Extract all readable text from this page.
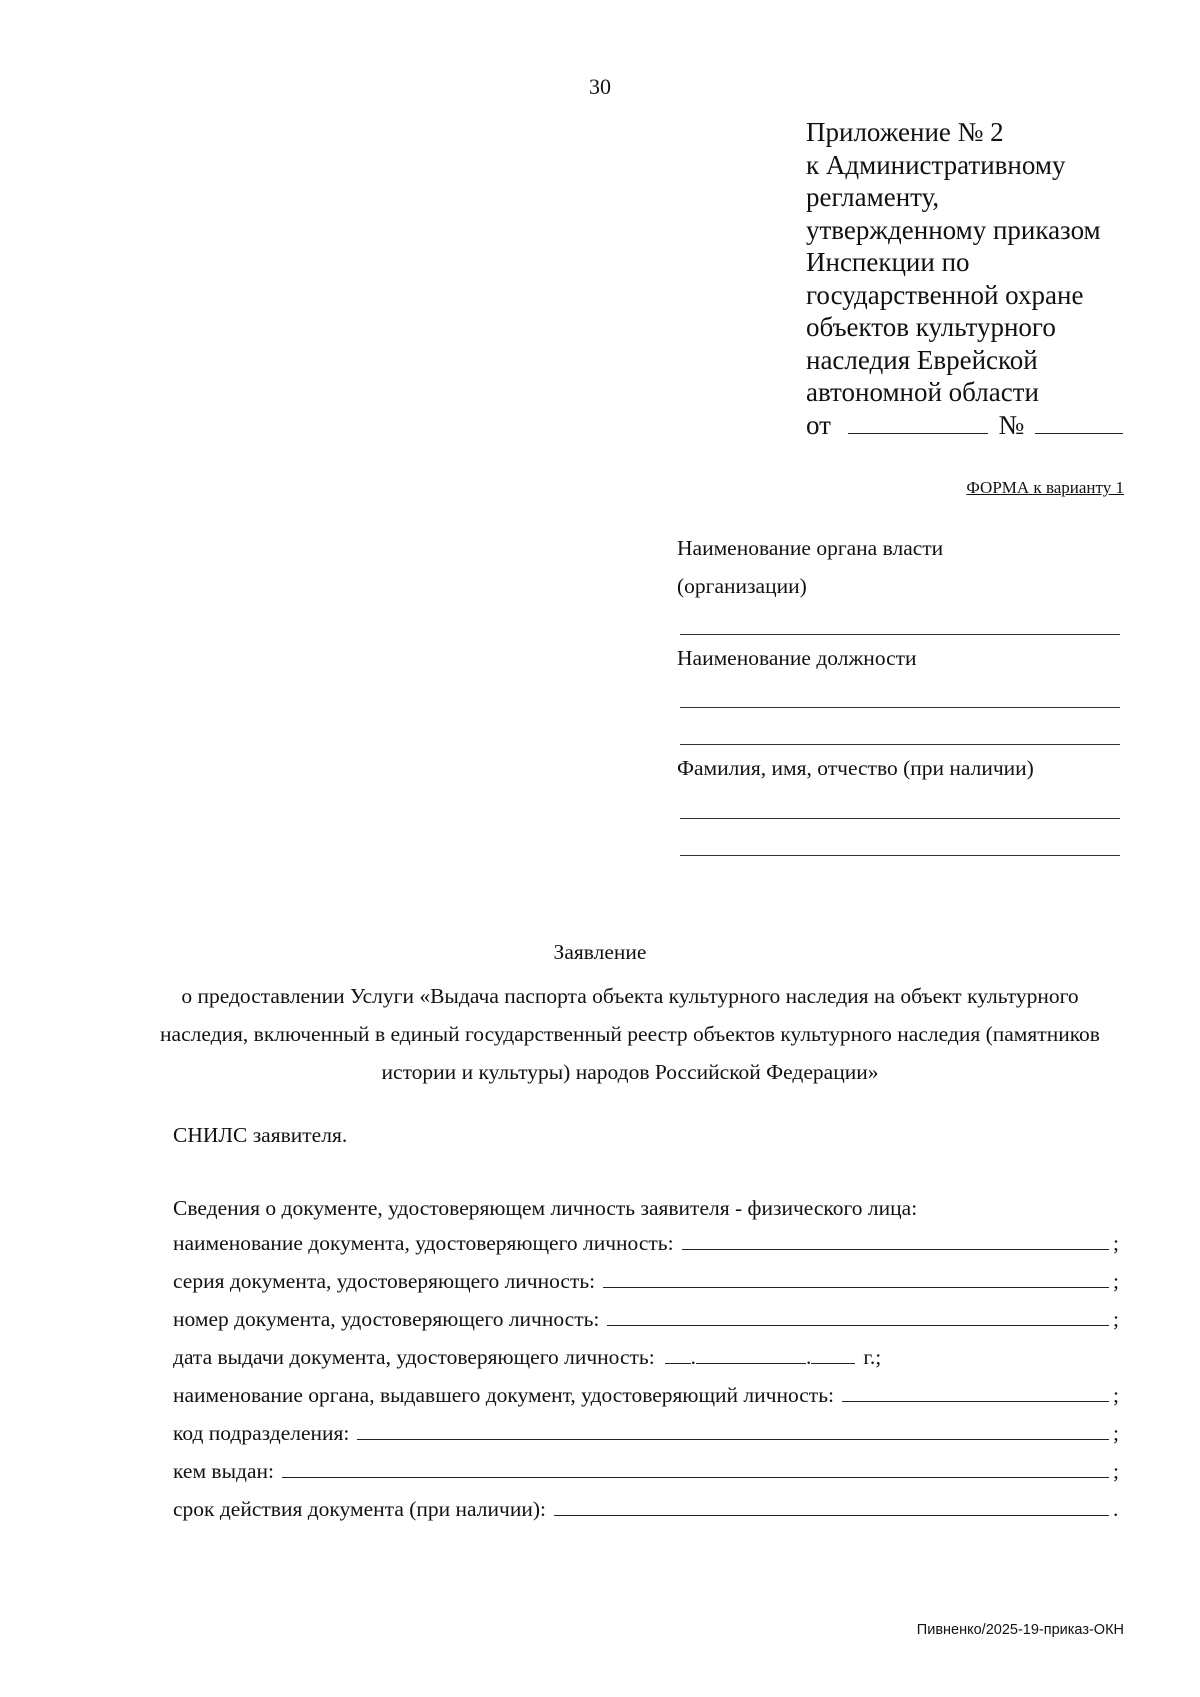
30
Приложение № 2
к Административному
регламенту,
утвержденному приказом
Инспекции по
государственной охране
объектов культурного
наследия Еврейской
автономной области
от	№
ФОРМА к варианту 1
Наименование органа власти
(организации)
Наименование должности
Фамилия, имя, отчество (при наличии)
Заявление
о предоставлении Услуги «Выдача паспорта объекта культурного наследия на объект культурного наследия, включенный в единый государственный реестр объектов культурного наследия (памятников истории и культуры) народов Российской Федерации»
СНИЛС заявителя.
Сведения о документе, удостоверяющем личность заявителя - физического лица:
наименование документа, удостоверяющего личность:	;
серия документа, удостоверяющего личность:	;
номер документа, удостоверяющего личность:	;
дата выдачи документа, удостоверяющего личность: .	. г.;
наименование органа, выдавшего документ, удостоверяющий личность:	;
код подразделения:	;
кем выдан:	;
срок действия документа (при наличии):	.
Пивненко/2025-19-приказ-ОКН
